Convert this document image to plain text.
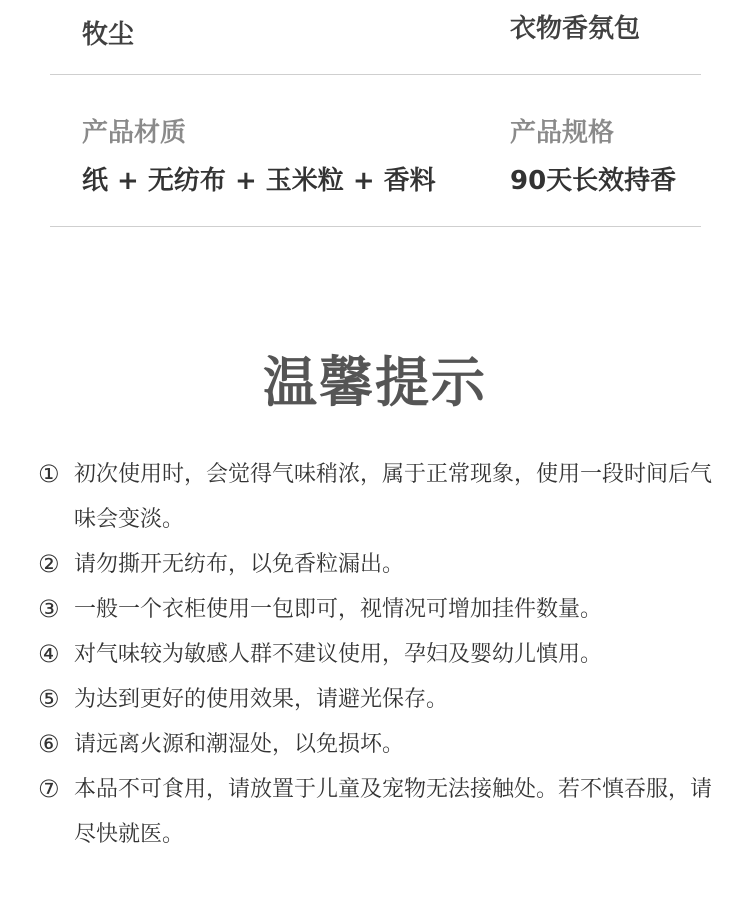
牧尘	衣物香氛包
产品材质
纸 + 无纺布 + 玉米粒 + 香料
产品规格
90天长效持香
温馨提示
① 初次使用时，会觉得气味稍浓，属于正常现象，使用一段时间后气味会变淡。
② 请勿撕开无纺布，以免香粒漏出。
③ 一般一个衣柜使用一包即可，视情况可增加挂件数量。
④ 对气味较为敏感人群不建议使用，孕妇及婴幼儿慎用。
⑤ 为达到更好的使用效果，请避光保存。
⑥ 请远离火源和潮湿处，以免损坏。
⑦ 本品不可食用，请放置于儿童及宠物无法接触处。若不慎吞服，请尽快就医。
